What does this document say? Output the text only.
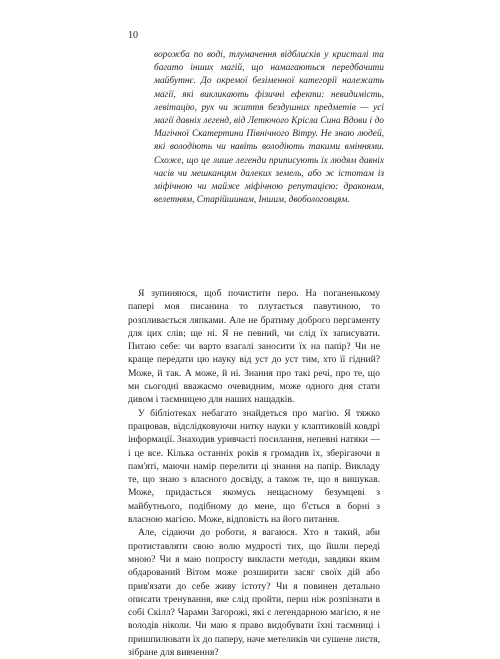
10

ворожба по воді, тлумачення відблисків у кристалі та багато інших магій, що намагаються передбачити майбутнє. До окремої безіменної категорії належать магії, які викликають фізичні ефекти: невидимість, левітацію, рух чи життя бездушних предметів — усі магії давніх легенд, від Летючого Крісла Сина Вдови і до Магічної Скатертини Північного Вітру. Не знаю людей, які володіють чи навіть володіють такими вміннями. Схоже, що це лише легенди приписують їх людям давніх часів чи мешканцям далеких земель, або ж істотам із міфічною чи майже міфічною репутацією: драконам, велетням, Старійшинам, Іншим, двобологовцям.

Я зупиняюся, щоб почистити перо. На поганенькому папері моя писанина то плутається павутиною, то розпливається ляпками. Але не братиму доброго пергаменту для цих слів; ще ні. Я не певний, чи слід їх записувати. Питаю себе: чи варто взагалі заносити їх на папір? Чи не краще передати цю науку від уст до уст тим, хто її гідний? Може, й так. А може, й ні. Знання про такі речі, про те, що ми сьогодні вважаємо очевидним, може одного дня стати дивом і таємницею для наших нащадків.

У бібліотеках небагато знайдеться про магію. Я тяжко працював, відслідковуючи нитку науки у клаптиковій ковдрі інформації. Знаходив уривчасті посилання, непевні натяки — і це все. Кілька останніх років я громадив їх, зберігаючи в пам'яті, маючи намір перелити ці знання на папір. Викладу те, що знаю з власного досвіду, а також те, що я вишукав. Може, придасться якомусь нещасному безумцеві з майбутнього, подібному до мене, що б'ється в борні з власною магією. Може, відповість на його питання.

Але, сідаючи до роботи, я вагаюся. Хто я такий, аби протиставляти свою волю мудрості тих, що йшли переді мною? Чи я маю попросту викласти методи, завдяки яким обдарований Вітом може розширити засяг своїх дій або прив'язати до себе живу істоту? Чи я повинен детально описати тренування, яке слід пройти, перш ніж розпізнати в собі Скілл? Чарами Загорожі, які є легендарною магією, я не володів ніколи. Чи маю я право видобувати їхні таємниці і пришпилювати їх до паперу, наче метеликів чи сушене листя, зібране для вивчення?
